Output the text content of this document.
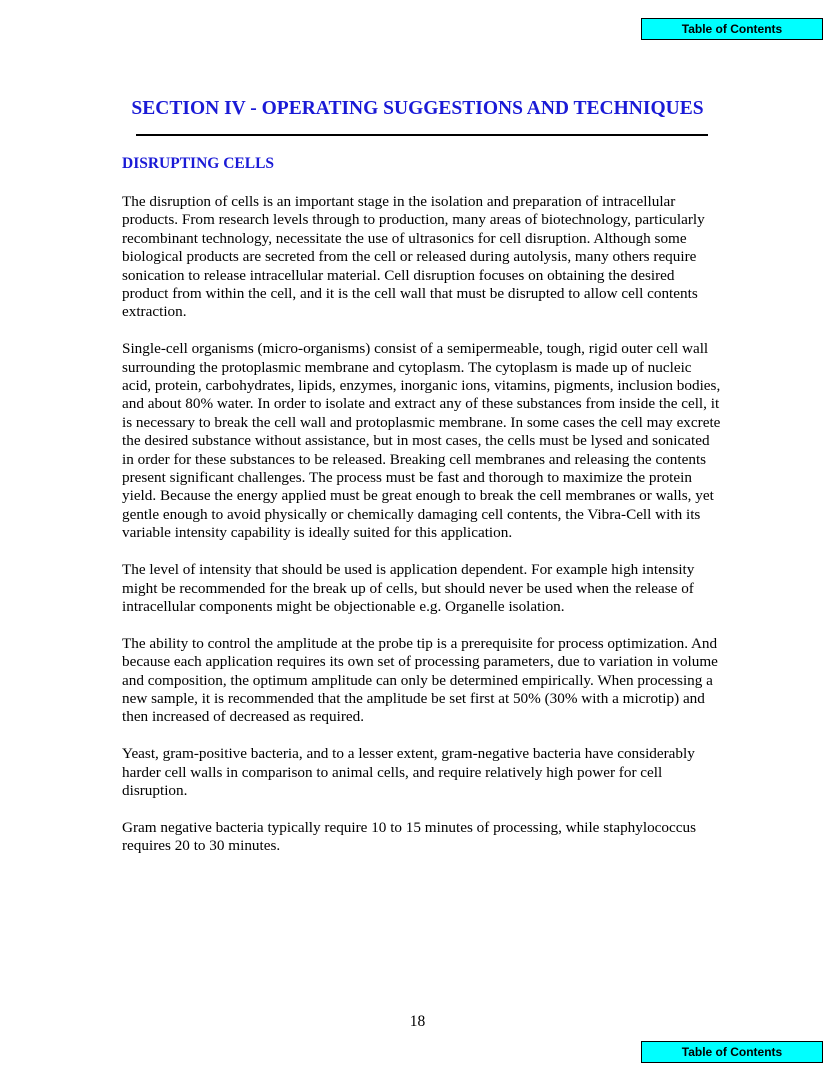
Table of Contents
SECTION IV - OPERATING SUGGESTIONS AND TECHNIQUES
DISRUPTING CELLS

The disruption of cells is an important stage in the isolation and preparation of intracellular products. From research levels through to production, many areas of biotechnology, particularly recombinant technology, necessitate the use of ultrasonics for cell disruption. Although some biological products are secreted from the cell or released during autolysis, many others require sonication to release intracellular material. Cell disruption focuses on obtaining the desired product from within the cell, and it is the cell wall that must be disrupted to allow cell contents extraction.

Single-cell organisms (micro-organisms) consist of a semipermeable, tough, rigid outer cell wall surrounding the protoplasmic membrane and cytoplasm. The cytoplasm is made up of nucleic acid, protein, carbohydrates, lipids, enzymes, inorganic ions, vitamins, pigments, inclusion bodies, and about 80% water. In order to isolate and extract any of these substances from inside the cell, it is necessary to break the cell wall and protoplasmic membrane. In some cases the cell may excrete the desired substance without assistance, but in most cases, the cells must be lysed and sonicated in order for these substances to be released. Breaking cell membranes and releasing the contents present significant challenges. The process must be fast and thorough to maximize the protein yield. Because the energy applied must be great enough to break the cell membranes or walls, yet gentle enough to avoid physically or chemically damaging cell contents, the Vibra-Cell with its variable intensity capability is ideally suited for this application.

The level of intensity that should be used is application dependent. For example high intensity might be recommended for the break up of cells, but should never be used when the release of intracellular components might be objectionable e.g. Organelle isolation.

The ability to control the amplitude at the probe tip is a prerequisite for process optimization. And because each application requires its own set of processing parameters, due to variation in volume and composition, the optimum amplitude can only be determined empirically. When processing a new sample, it is recommended that the amplitude be set first at 50% (30% with a microtip) and then increased of decreased as required.

Yeast, gram-positive bacteria, and to a lesser extent, gram-negative bacteria have considerably harder cell walls in comparison to animal cells, and require relatively high power for cell disruption.

Gram negative bacteria typically require 10 to 15 minutes of processing, while staphylococcus requires 20 to 30 minutes.

18
Table of Contents
